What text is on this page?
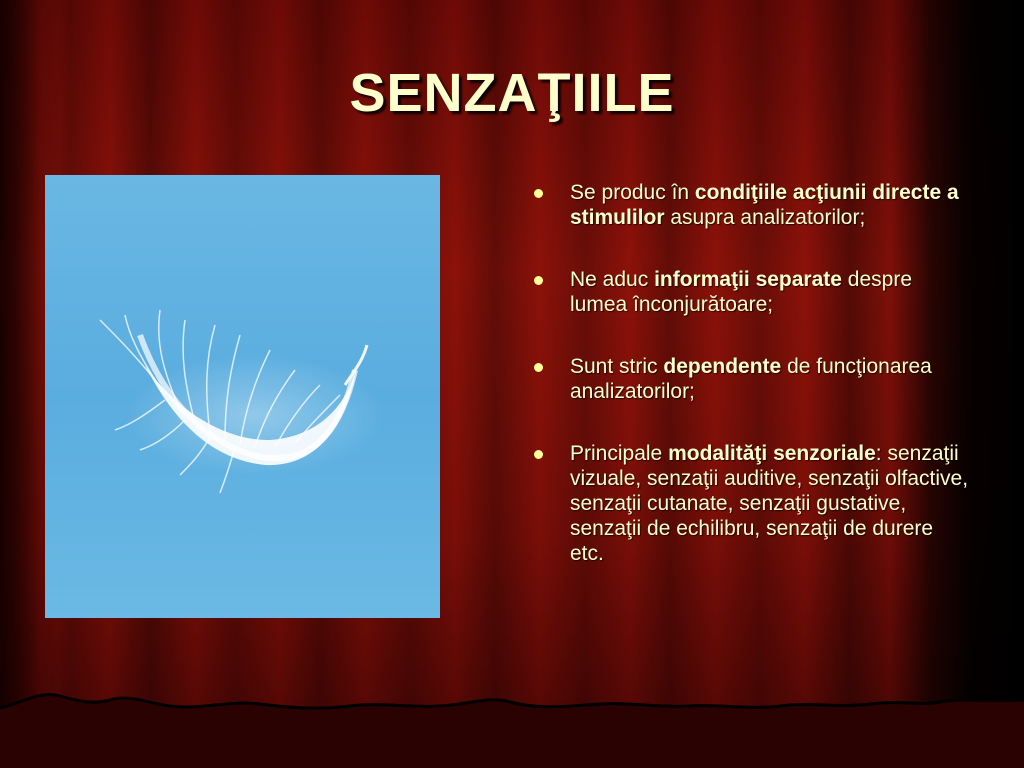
SENZAŢIILE
Se produc în condiţiile acţiunii directe a stimulilor asupra analizatorilor;
Ne aduc informaţii separate despre lumea înconjurătoare;
Sunt stric dependente de funcţionarea analizatorilor;
Principale modalităţi senzoriale: senzaţii vizuale, senzaţii auditive, senzaţii olfactive, senzaţii cutanate, senzaţii gustative, senzaţii de echilibru, senzaţii de durere etc.
